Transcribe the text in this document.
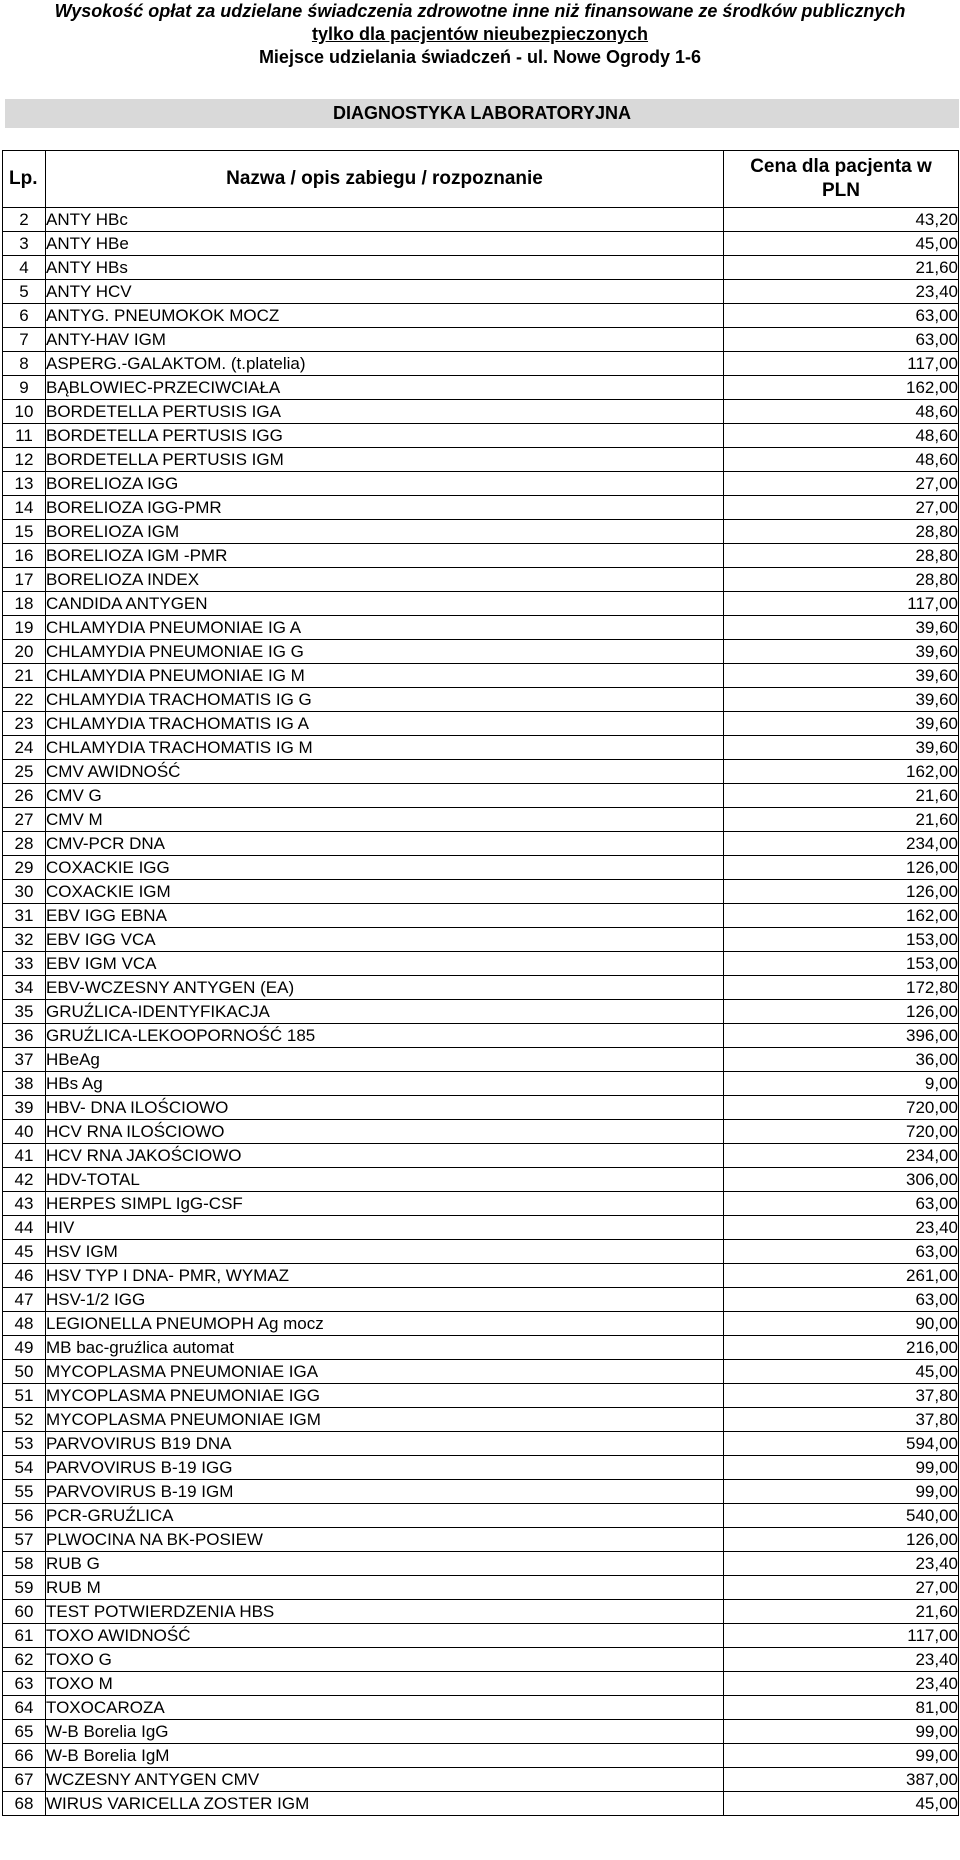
Wysokość opłat za udzielane świadczenia zdrowotne inne niż finansowane ze środków publicznych
tylko dla pacjentów nieubezpieczonych
Miejsce udzielania świadczeń - ul. Nowe Ogrody 1-6
DIAGNOSTYKA LABORATORYJNA
Lp.	Nazwa / opis zabiegu / rozpoznanie	Cena dla pacjenta w
PLN

2	ANTY HBc	43,20
3	ANTY HBe	45,00
4	ANTY HBs	21,60
5	ANTY HCV	23,40
6	ANTYG. PNEUMOKOK MOCZ	63,00
7	ANTY-HAV IGM	63,00
8	ASPERG.-GALAKTOM. (t.platelia)	117,00
9	BĄBLOWIEC-PRZECIWCIAŁA	162,00
10	BORDETELLA PERTUSIS IGA	48,60
11	BORDETELLA PERTUSIS IGG	48,60
12	BORDETELLA PERTUSIS IGM	48,60
13	BORELIOZA IGG	27,00
14	BORELIOZA IGG-PMR	27,00
15	BORELIOZA IGM	28,80
16	BORELIOZA IGM -PMR	28,80
17	BORELIOZA INDEX	28,80
18	CANDIDA ANTYGEN	117,00
19	CHLAMYDIA PNEUMONIAE IG A	39,60
20	CHLAMYDIA PNEUMONIAE IG G	39,60
21	CHLAMYDIA PNEUMONIAE IG M	39,60
22	CHLAMYDIA TRACHOMATIS IG G	39,60
23	CHLAMYDIA TRACHOMATIS IG A	39,60
24	CHLAMYDIA TRACHOMATIS IG M	39,60
25	CMV AWIDNOŚĆ	162,00
26	CMV G	21,60
27	CMV M	21,60
28	CMV-PCR DNA	234,00
29	COXACKIE IGG	126,00
30	COXACKIE IGM	126,00
31	EBV IGG EBNA	162,00
32	EBV IGG VCA	153,00
33	EBV IGM VCA	153,00
34	EBV-WCZESNY ANTYGEN (EA)	172,80
35	GRUŹLICA-IDENTYFIKACJA	126,00
36	GRUŹLICA-LEKOOPORNOŚĆ 185	396,00
37	HBeAg	36,00
38	HBs Ag	9,00
39	HBV- DNA ILOŚCIOWO	720,00
40	HCV RNA ILOŚCIOWO	720,00
41	HCV RNA JAKOŚCIOWO	234,00
42	HDV-TOTAL	306,00
43	HERPES SIMPL IgG-CSF	63,00
44	HIV	23,40
45	HSV IGM	63,00
46	HSV TYP I DNA- PMR, WYMAZ	261,00
47	HSV-1/2 IGG	63,00
48	LEGIONELLA PNEUMOPH Ag mocz	90,00
49	MB bac-gruźlica automat	216,00
50	MYCOPLASMA PNEUMONIAE IGA	45,00
51	MYCOPLASMA PNEUMONIAE IGG	37,80
52	MYCOPLASMA PNEUMONIAE IGM	37,80
53	PARVOVIRUS B19 DNA	594,00
54	PARVOVIRUS B-19 IGG	99,00
55	PARVOVIRUS B-19 IGM	99,00
56	PCR-GRUŹLICA	540,00
57	PLWOCINA NA BK-POSIEW	126,00
58	RUB G	23,40
59	RUB M	27,00
60	TEST POTWIERDZENIA HBS	21,60
61	TOXO AWIDNOŚĆ	117,00
62	TOXO G	23,40
63	TOXO M	23,40
64	TOXOCAROZA	81,00
65	W-B Borelia IgG	99,00
66	W-B Borelia IgM	99,00
67	WCZESNY ANTYGEN CMV	387,00
68	WIRUS VARICELLA ZOSTER IGM	45,00
